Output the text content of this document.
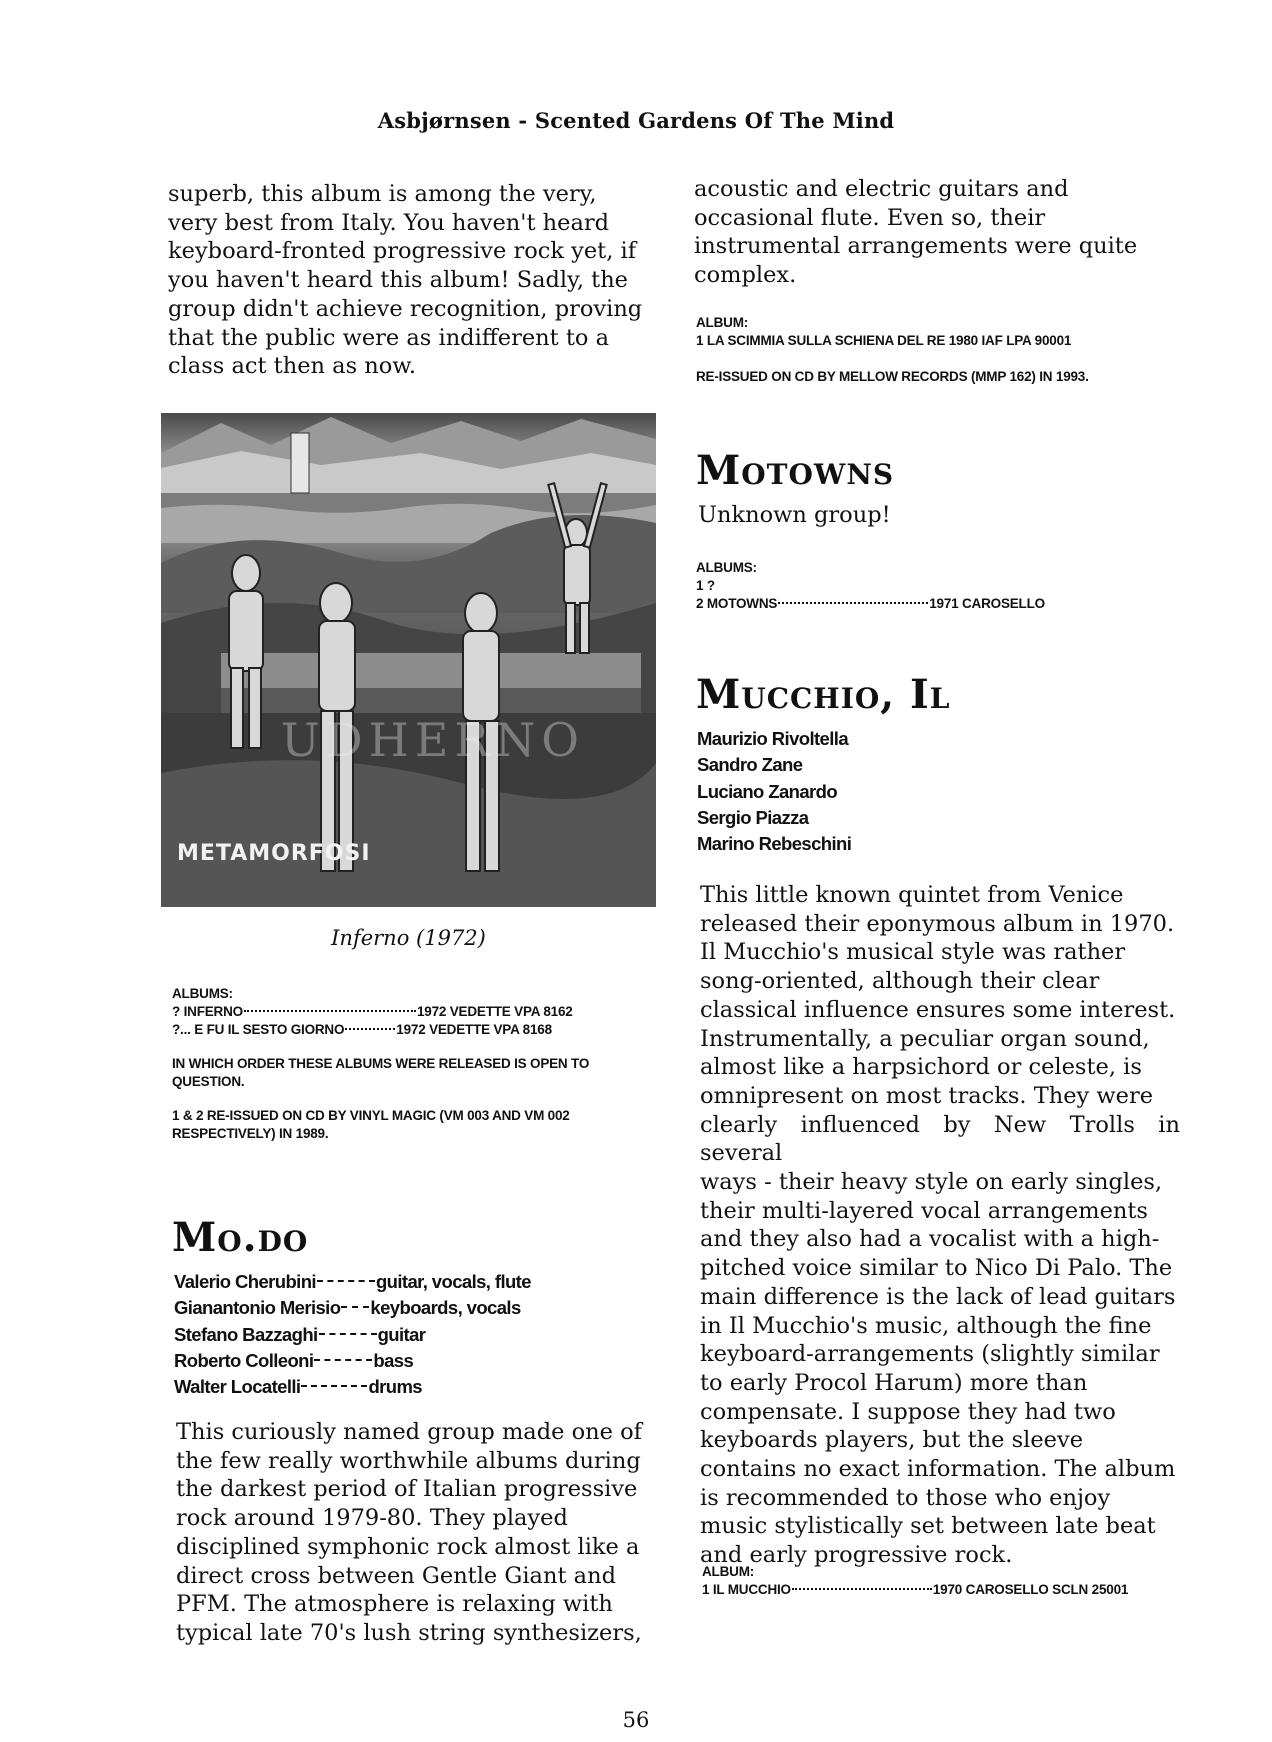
Asbjørnsen - Scented Gardens Of The Mind

superb, this album is among the very,

very best from Italy. You haven't heard

keyboard-fronted progressive rock yet, if

you haven't heard this album! Sadly, the

group didn't achieve recognition, proving

that the public were as indifferent to a

class act then as now.

UDHERNO
METAMORFOSI
Inferno (1972)
ALBUMS:
? INFERNO	1972 VEDETTE VPA 8162
?... E FU IL SESTO GIORNO	1972 VEDETTE VPA 8168
IN WHICH ORDER THESE ALBUMS WERE RELEASED IS OPEN TO
QUESTION.
1 & 2 RE-ISSUED ON CD BY VINYL MAGIC (VM 003 AND VM 002
RESPECTIVELY) IN 1989.
Mo.do
Valerio Cherubini	guitar, vocals, flute
Gianantonio Merisio keyboards, vocals
Stefano Bazzaghi	guitar
Roberto Colleoni	bass
Walter Locatelli	drums

This curiously named group made one of

the few really worthwhile albums during

the darkest period of Italian progressive

rock around 1979-80. They played

disciplined symphonic rock almost like a

direct cross between Gentle Giant and

PFM. The atmosphere is relaxing with

typical late 70's lush string synthesizers,

acoustic and electric guitars and

occasional flute. Even so, their

instrumental arrangements were quite

complex.

ALBUM:
1 LA SCIMMIA SULLA SCHIENA DEL RE 1980 IAF LPA 90001
RE-ISSUED ON CD BY MELLOW RECORDS (MMP 162) IN 1993.
Motowns
Unknown group!
ALBUMS:
1 ?
2 MOTOWNS	1971 CAROSELLO
Mucchio, Il
Maurizio Rivoltella
Sandro Zane
Luciano Zanardo
Sergio Piazza
Marino Rebeschini

This little known quintet from Venice

released their eponymous album in 1970.

Il Mucchio's musical style was rather

song-oriented, although their clear

classical influence ensures some interest.

Instrumentally, a peculiar organ sound,

almost like a harpsichord or celeste, is

omnipresent on most tracks. They were

clearly influenced by New Trolls in several

ways - their heavy style on early singles,

their multi-layered vocal arrangements

and they also had a vocalist with a high-

pitched voice similar to Nico Di Palo. The

main difference is the lack of lead guitars

in Il Mucchio's music, although the fine

keyboard-arrangements (slightly similar

to early Procol Harum) more than

compensate. I suppose they had two

keyboards players, but the sleeve

contains no exact information. The album

is recommended to those who enjoy

music stylistically set between late beat

and early progressive rock.

ALBUM:
1 IL MUCCHIO	1970 CAROSELLO SCLN 25001
56
